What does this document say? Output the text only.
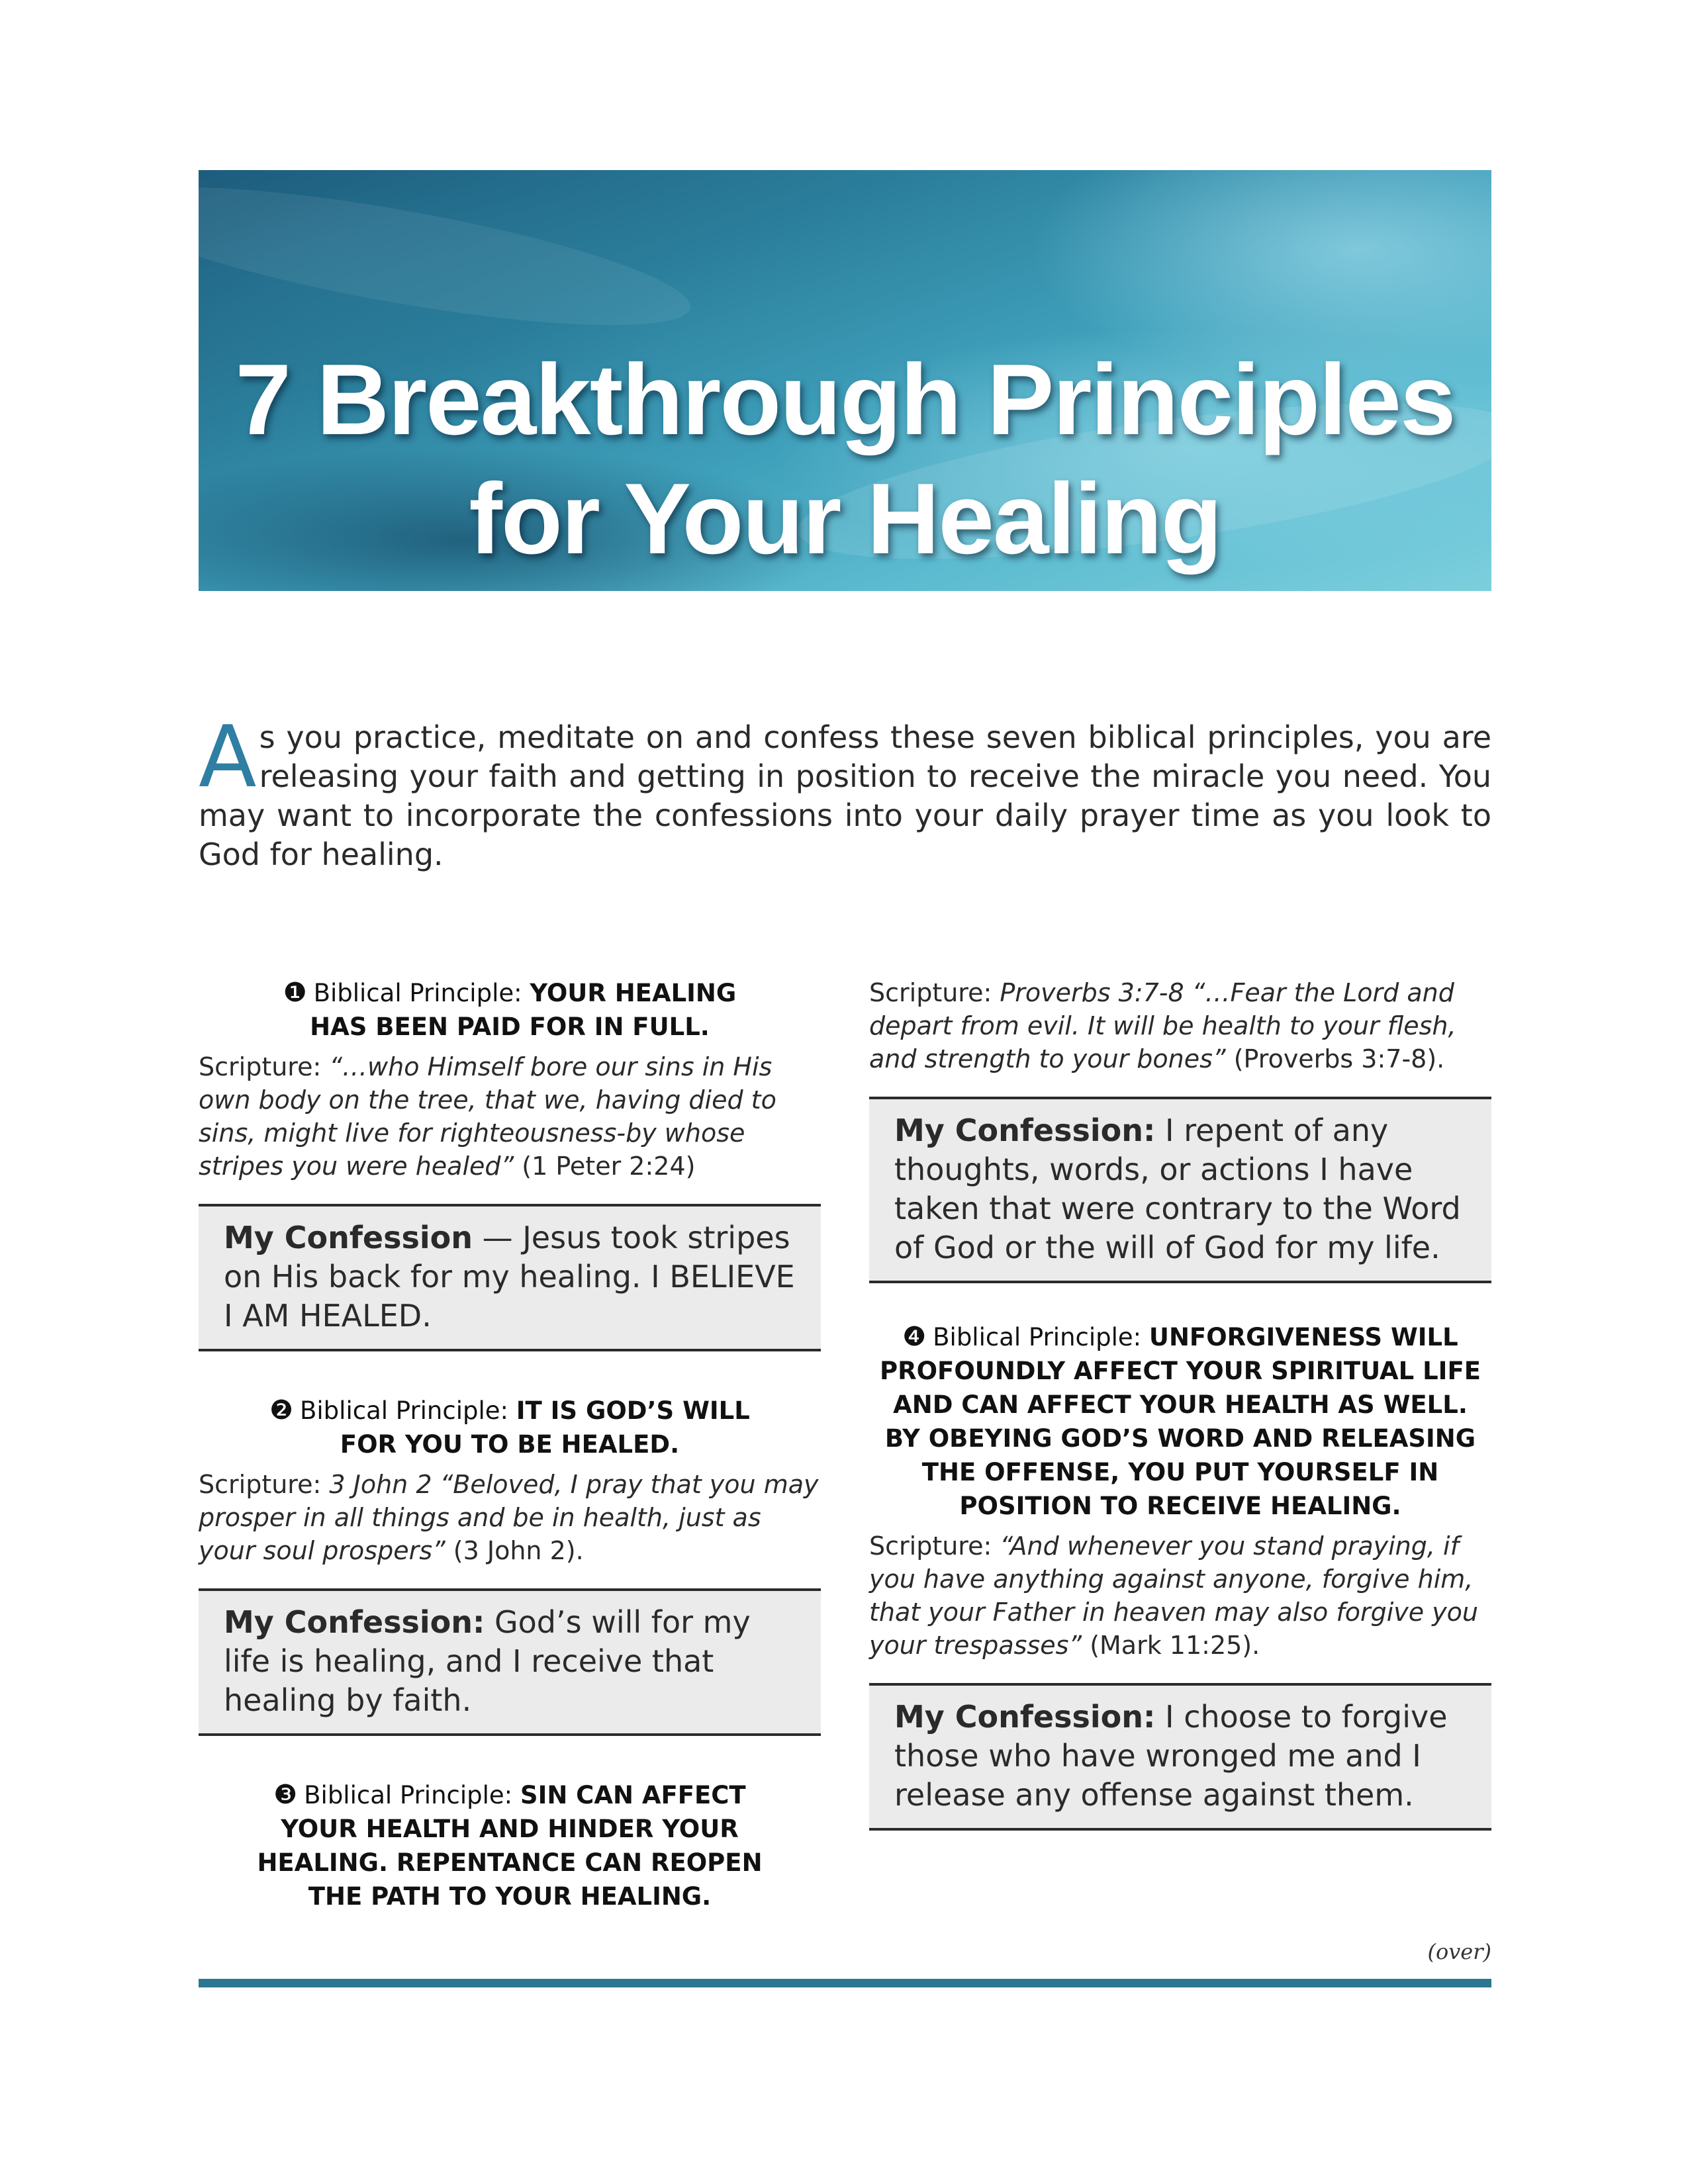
7 Breakthrough Principles
for Your Healing

As you practice, meditate on and confess these seven biblical principles, you are releasing your faith and getting in position to receive the miracle you need. You may want to incorporate the confessions into your daily prayer time as you look to God for healing.

❶ Biblical Principle: YOUR HEALING HAS BEEN PAID FOR IN FULL.

Scripture: “…who Himself bore our sins in His own body on the tree, that we, having died to sins, might live for righteousness-by whose stripes you were healed” (1 Peter 2:24)

My Confession — Jesus took stripes on His back for my healing. I BELIEVE I AM HEALED.

❷ Biblical Principle: IT IS GOD’S WILL FOR YOU TO BE HEALED.

Scripture: 3 John 2 “Beloved, I pray that you may prosper in all things and be in health, just as your soul prospers” (3 John 2).

My Confession: God’s will for my life is healing, and I receive that healing by faith.

❸ Biblical Principle: SIN CAN AFFECT YOUR HEALTH AND HINDER YOUR HEALING. REPENTANCE CAN REOPEN THE PATH TO YOUR HEALING.

Scripture: Proverbs 3:7-8 “…Fear the Lord and depart from evil. It will be health to your flesh, and strength to your bones” (Proverbs 3:7-8).

My Confession: I repent of any thoughts, words, or actions I have taken that were contrary to the Word of God or the will of God for my life.

❹ Biblical Principle: UNFORGIVENESS WILL PROFOUNDLY AFFECT YOUR SPIRITUAL LIFE AND CAN AFFECT YOUR HEALTH AS WELL. BY OBEYING GOD’S WORD AND RELEASING THE OFFENSE, YOU PUT YOURSELF IN POSITION TO RECEIVE HEALING.

Scripture: “And whenever you stand praying, if you have anything against anyone, forgive him, that your Father in heaven may also forgive you your trespasses” (Mark 11:25).

My Confession: I choose to forgive those who have wronged me and I release any offense against them.
(over)
